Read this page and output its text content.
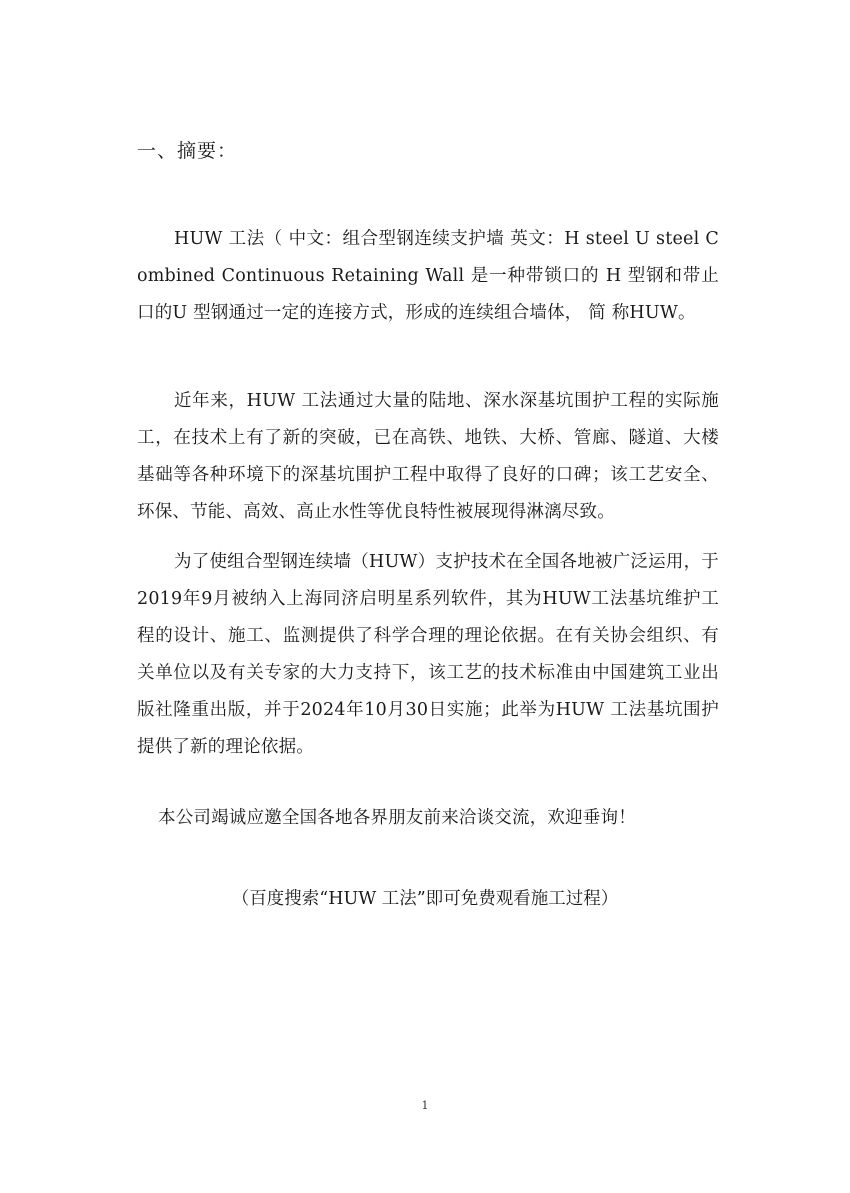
一、摘要：

HUW 工法（ 中文：组合型钢连续支护墙 英文：H steel U steel Combined Continuous Retaining Wall 是一种带锁口的 H 型钢和带止口的U 型钢通过一定的连接方式，形成的连续组合墙体， 简 称HUW。

近年来，HUW 工法通过大量的陆地、深水深基坑围护工程的实际施工，在技术上有了新的突破，已在高铁、地铁、大桥、管廊、隧道、大楼基础等各种环境下的深基坑围护工程中取得了良好的口碑；该工艺安全、环保、节能、高效、高止水性等优良特性被展现得淋漓尽致。

为了使组合型钢连续墙（HUW）支护技术在全国各地被广泛运用，于2019年9月被纳入上海同济启明星系列软件，其为HUW工法基坑维护工程的设计、施工、监测提供了科学合理的理论依据。在有关协会组织、有关单位以及有关专家的大力支持下，该工艺的技术标准由中国建筑工业出版社隆重出版，并于2024年10月30日实施；此举为HUW 工法基坑围护提供了新的理论依据。

本公司竭诚应邀全国各地各界朋友前来洽谈交流，欢迎垂询！
（百度搜索“HUW 工法”即可免费观看施工过程）
1
